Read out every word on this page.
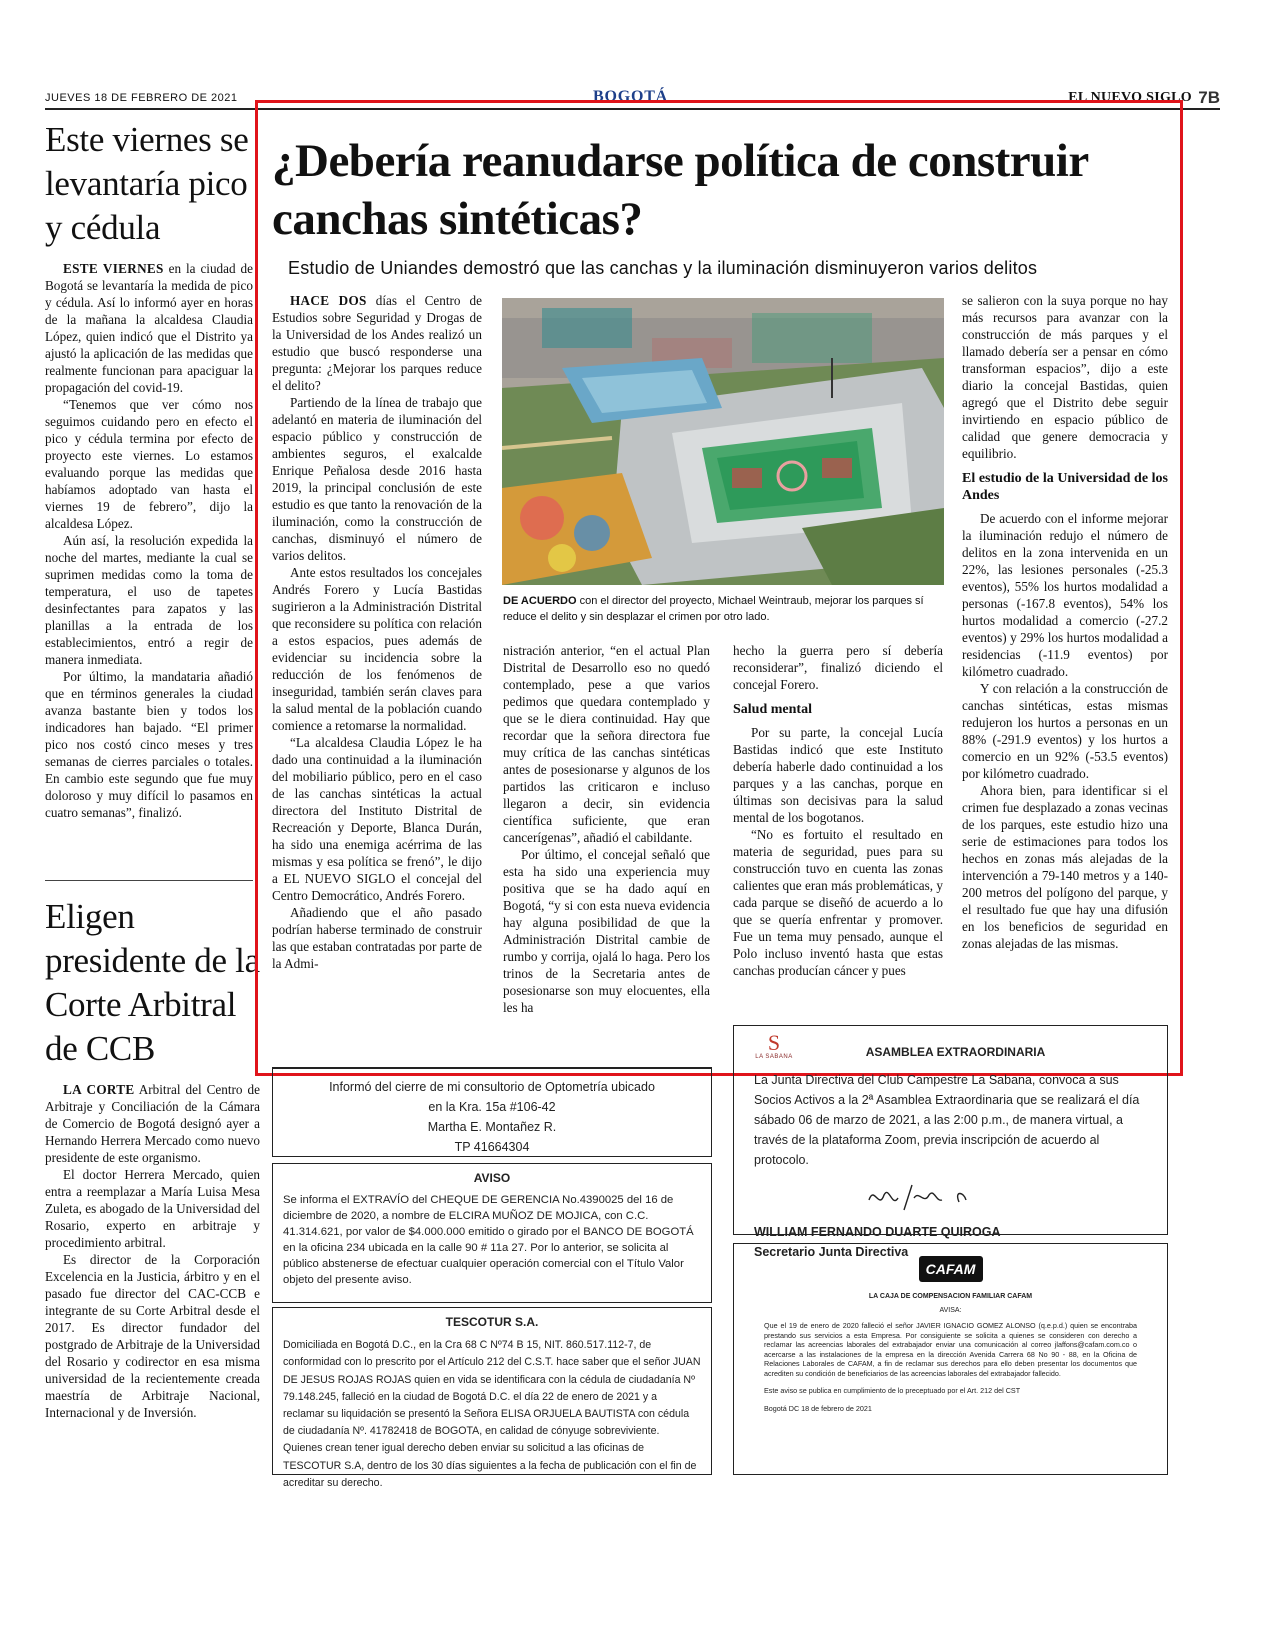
JUEVES 18 DE FEBRERO DE 2021	BOGOTÁ	EL NUEVO SIGLO 7B
Este viernes se levantaría pico y cédula

ESTE VIERNES en la ciudad de Bogotá se levantaría la medida de pico y cédula. Así lo informó ayer en horas de la mañana la alcaldesa Claudia López, quien indicó que el Distrito ya ajustó la aplicación de las medidas que realmente funcionan para apaciguar la propagación del covid-19.

“Tenemos que ver cómo nos seguimos cuidando pero en efecto el pico y cédula termina por efecto de proyecto este viernes. Lo estamos evaluando porque las medidas que habíamos adoptado van hasta el viernes 19 de febrero”, dijo la alcaldesa López.

Aún así, la resolución expedida la noche del martes, mediante la cual se suprimen medidas como la toma de temperatura, el uso de tapetes desinfectantes para zapatos y las planillas a la entrada de los establecimientos, entró a regir de manera inmediata.

Por último, la mandataria añadió que en términos generales la ciudad avanza bastante bien y todos los indicadores han bajado. “El primer pico nos costó cinco meses y tres semanas de cierres parciales o totales. En cambio este segundo que fue muy doloroso y muy difícil lo pasamos en cuatro semanas”, finalizó.

Eligen presidente de la Corte Arbitral de CCB

LA CORTE Arbitral del Centro de Arbitraje y Conciliación de la Cámara de Comercio de Bogotá designó ayer a Hernando Herrera Mercado como nuevo presidente de este organismo.

El doctor Herrera Mercado, quien entra a reemplazar a María Luisa Mesa Zuleta, es abogado de la Universidad del Rosario, experto en arbitraje y procedimiento arbitral.

Es director de la Corporación Excelencia en la Justicia, árbitro y en el pasado fue director del CAC-CCB e integrante de su Corte Arbitral desde el 2017. Es director fundador del postgrado de Arbitraje de la Universidad del Rosario y codirector en esa misma universidad de la recientemente creada maestría de Arbitraje Nacional, Internacional y de Inversión.

¿Debería reanudarse política de construir canchas sintéticas?
Estudio de Uniandes demostró que las canchas y la iluminación disminuyeron varios delitos

HACE DOS días el Centro de Estudios sobre Seguridad y Drogas de la Universidad de los Andes realizó un estudio que buscó responderse una pregunta: ¿Mejorar los parques reduce el delito?

Partiendo de la línea de trabajo que adelantó en materia de iluminación del espacio público y construcción de ambientes seguros, el exalcalde Enrique Peñalosa desde 2016 hasta 2019, la principal conclusión de este estudio es que tanto la renovación de la iluminación, como la construcción de canchas, disminuyó el número de varios delitos.

Ante estos resultados los concejales Andrés Forero y Lucía Bastidas sugirieron a la Administración Distrital que reconsidere su política con relación a estos espacios, pues además de evidenciar su incidencia sobre la reducción de los fenómenos de inseguridad, también serán claves para la salud mental de la población cuando comience a retomarse la normalidad.

“La alcaldesa Claudia López le ha dado una continuidad a la iluminación del mobiliario público, pero en el caso de las canchas sintéticas la actual directora del Instituto Distrital de Recreación y Deporte, Blanca Durán, ha sido una enemiga acérrima de las mismas y esa política se frenó”, le dijo a EL NUEVO SIGLO el concejal del Centro Democrático, Andrés Forero.

Añadiendo que el año pasado podrían haberse terminado de construir las que estaban contratadas por parte de la Admi-

DE ACUERDO con el director del proyecto, Michael Weintraub, mejorar los parques sí reduce el delito y sin desplazar el crimen por otro lado.

nistración anterior, “en el actual Plan Distrital de Desarrollo eso no quedó contemplado, pese a que varios pedimos que quedara contemplado y que se le diera continuidad. Hay que recordar que la señora directora fue muy crítica de las canchas sintéticas antes de posesionarse y algunos de los partidos las criticaron e incluso llegaron a decir, sin evidencia científica suficiente, que eran cancerígenas”, añadió el cabildante.

Por último, el concejal señaló que esta ha sido una experiencia muy positiva que se ha dado aquí en Bogotá, “y si con esta nueva evidencia hay alguna posibilidad de que la Administración Distrital cambie de rumbo y corrija, ojalá lo haga. Pero los trinos de la Secretaria antes de posesionarse son muy elocuentes, ella les ha

hecho la guerra pero sí debería reconsiderar”, finalizó diciendo el concejal Forero.

Salud mental

Por su parte, la concejal Lucía Bastidas indicó que este Instituto debería haberle dado continuidad a los parques y a las canchas, porque en últimas son decisivas para la salud mental de los bogotanos.

“No es fortuito el resultado en materia de seguridad, pues para su construcción tuvo en cuenta las zonas calientes que eran más problemáticas, y cada parque se diseñó de acuerdo a lo que se quería enfrentar y promover. Fue un tema muy pensado, aunque el Polo incluso inventó hasta que estas canchas producían cáncer y pues

se salieron con la suya porque no hay más recursos para avanzar con la construcción de más parques y el llamado debería ser a pensar en cómo transforman espacios”, dijo a este diario la concejal Bastidas, quien agregó que el Distrito debe seguir invirtiendo en espacio público de calidad que genere democracia y equilibrio.

El estudio de la Universidad de los Andes

De acuerdo con el informe mejorar la iluminación redujo el número de delitos en la zona intervenida en un 22%, las lesiones personales (-25.3 eventos), 55% los hurtos modalidad a personas (-167.8 eventos), 54% los hurtos modalidad a comercio (-27.2 eventos) y 29% los hurtos modalidad a residencias (-11.9 eventos) por kilómetro cuadrado.

Y con relación a la construcción de canchas sintéticas, estas mismas redujeron los hurtos a personas en un 88% (-291.9 eventos) y los hurtos a comercio en un 92% (-53.5 eventos) por kilómetro cuadrado.

Ahora bien, para identificar si el crimen fue desplazado a zonas vecinas de los parques, este estudio hizo una serie de estimaciones para todos los hechos en zonas más alejadas de la intervención a 79-140 metros y a 140-200 metros del polígono del parque, y el resultado fue que hay una difusión en los beneficios de seguridad en zonas alejadas de las mismas.

Informó del cierre de mi consultorio de Optometría ubicado
en la Kra. 15a #106-42
Martha E. Montañez R.
TP 41664304
AVISO
Se informa el EXTRAVÍO del CHEQUE DE GERENCIA No.4390025 del 16 de diciembre de 2020, a nombre de ELCIRA MUÑOZ DE MOJICA, con C.C. 41.314.621, por valor de $4.000.000 emitido o girado por el BANCO DE BOGOTÁ en la oficina 234 ubicada en la calle 90 # 11a 27. Por lo anterior, se solicita al público abstenerse de efectuar cualquier operación comercial con el Título Valor objeto del presente aviso.
TESCOTUR S.A.
Domiciliada en Bogotá D.C., en la Cra 68 C Nº74 B 15, NIT. 860.517.112-7, de conformidad con lo prescrito por el Artículo 212 del C.S.T. hace saber que el señor JUAN DE JESUS ROJAS ROJAS quien en vida se identificara con la cédula de ciudadanía Nº 79.148.245, falleció en la ciudad de Bogotá D.C. el día 22 de enero de 2021 y a reclamar su liquidación se presentó la Señora ELISA ORJUELA BAUTISTA con cédula de ciudadanía Nº. 41782418 de BOGOTA, en calidad de cónyuge sobreviviente. Quienes crean tener igual derecho deben enviar su solicitud a las oficinas de TESCOTUR S.A, dentro de los 30 días siguientes a la fecha de publicación con el fin de acreditar su derecho.
S
LA SABANA	ASAMBLEA EXTRAORDINARIA
La Junta Directiva del Club Campestre La Sabana, convoca a sus Socios Activos a la 2ª Asamblea Extraordinaria que se realizará el día sábado 06 de marzo de 2021, a las 2:00 p.m., de manera virtual, a través de la plataforma Zoom, previa inscripción de acuerdo al protocolo.
WILLIAM FERNANDO DUARTE QUIROGA
Secretario Junta Directiva
CAFAM
LA CAJA DE COMPENSACION FAMILIAR CAFAM
AVISA:

Que el 19 de enero de 2020 falleció el señor JAVIER IGNACIO GOMEZ ALONSO (q.e.p.d.) quien se encontraba prestando sus servicios a esta Empresa. Por consiguiente se solicita a quienes se consideren con derecho a reclamar las acreencias laborales del extrabajador enviar una comunicación al correo jlaffons@cafam.com.co o acercarse a las instalaciones de la empresa en la dirección Avenida Carrera 68 No 90 - 88, en la Oficina de Relaciones Laborales de CAFAM, a fin de reclamar sus derechos para ello deben presentar los documentos que acrediten su condición de beneficiarios de las acreencias laborales del extrabajador fallecido.

Este aviso se publica en cumplimiento de lo preceptuado por el Art. 212 del CST

Bogotá DC 18 de febrero de 2021
